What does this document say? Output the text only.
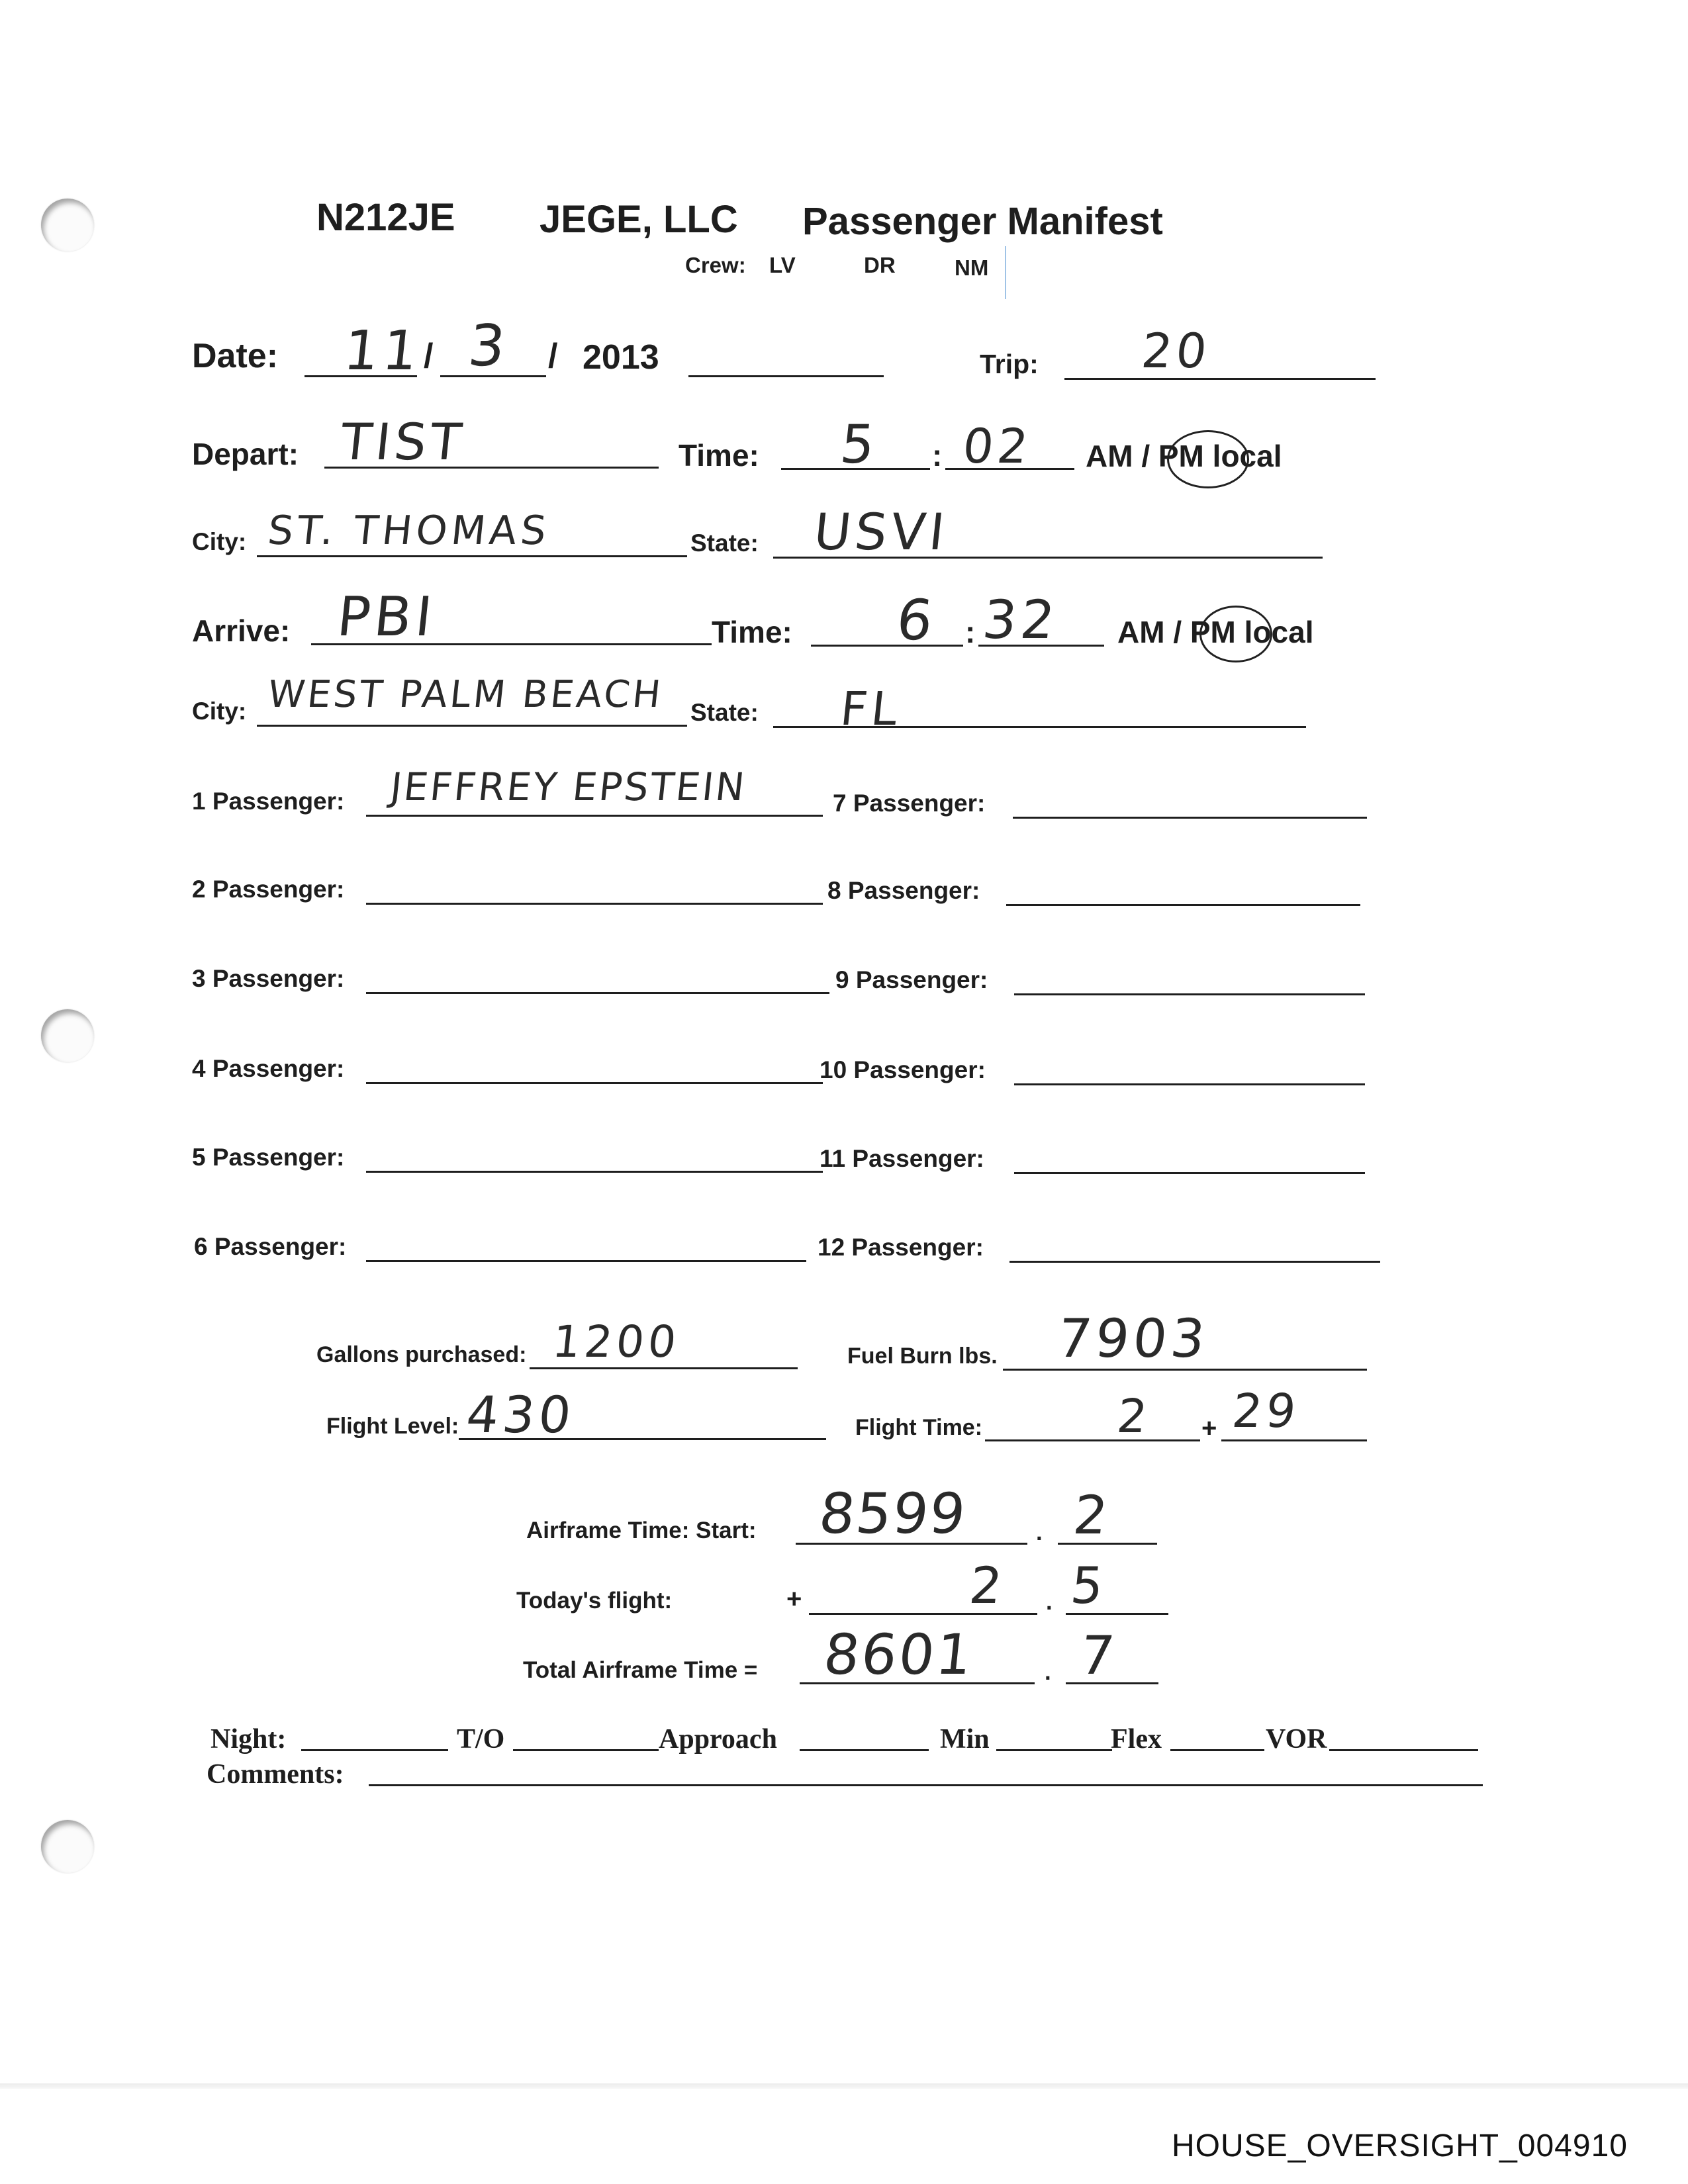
N212JE JEGE, LLC Passenger Manifest
Crew: LV	DR	NM
Date: 11
/ 3 / 2013	Trip: 20
Depart: TIST	Time: 5 : 02 AM / PM local
City: ST. THOMAS	State: USVI
Arrive: PBI	Time: 6 : 32 AM / PM local
City: WEST PALM BEACH State: FL
1 Passenger: JEFFREY EPSTEIN
2 Passenger:
3 Passenger:
4 Passenger:
5 Passenger:
6 Passenger:
7 Passenger:
8 Passenger:
9 Passenger:
10 Passenger:
11 Passenger:
12 Passenger:
Gallons purchased: 1200	Fuel Burn lbs. 7903
Flight Level: 430	Flight Time:	2 + 29
Airframe Time: Start: 8599	. 2
Today's flight:	+	2 . 5
Total Airframe Time = 8601	. 7
Night:	T/O	Approach	Min	Flex	VOR
Comments:
HOUSE_OVERSIGHT_004910
